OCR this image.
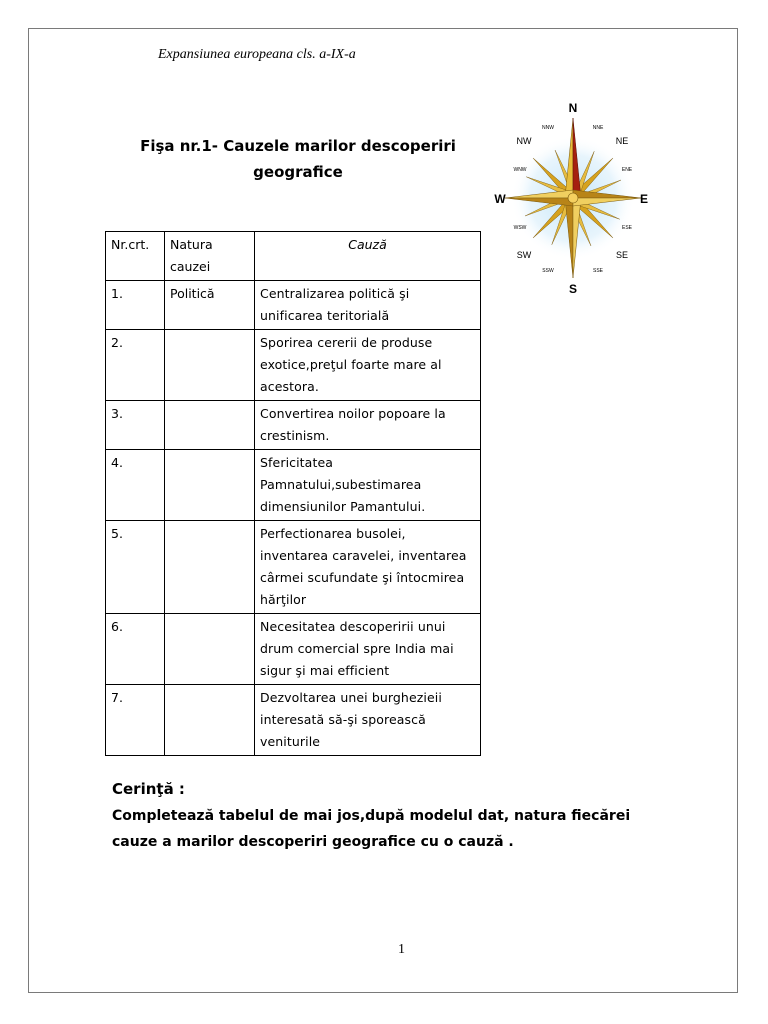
Expansiunea europeana cls. a-IX-a
Fişa nr.1- Cauzele marilor descoperiri
geografice
N
S
W	E
NW	NE
SW	SE
NNW	NNE
WNW	ENE
WSW	ESE
SSW	SSE
Nr.crt.	Natura cauzei	Cauză
1.	Politică	Centralizarea politică şi unificarea teritorială
2.		Sporirea cererii de produse exotice,preţul foarte mare al acestora.
3.		Convertirea noilor popoare la crestinism.
4.		Sfericitatea Pamnatului,subestimarea dimensiunilor Pamantului.
5.		Perfectionarea busolei, inventarea caravelei, inventarea cârmei scufundate şi întocmirea hărţilor
6.		Necesitatea descoperirii unui drum comercial spre India mai sigur şi mai efficient
7.		Dezvoltarea unei burghezieii interesată să-şi sporească veniturile
Cerinţă :
Completează tabelul de mai jos,după modelul dat, natura fiecărei cauze a marilor descoperiri geografice cu o cauză .
1
